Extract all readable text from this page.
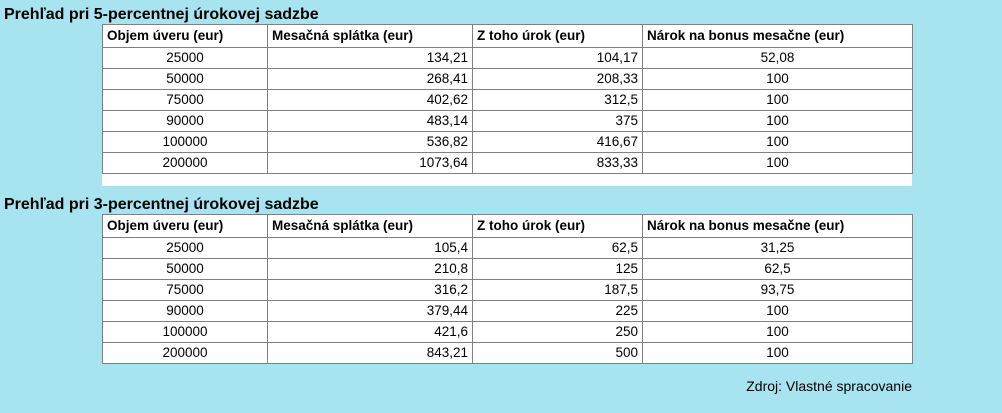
Prehľad pri 5-percentnej úrokovej sadzbe
Objem úveru (eur)	Mesačná splátka (eur)	Z toho úrok (eur)	Nárok na bonus mesačne (eur)
25000	134,21	104,17	52,08
50000	268,41	208,33	100
75000	402,62	312,5	100
90000	483,14	375	100
100000	536,82	416,67	100
200000	1073,64	833,33	100
Prehľad pri 3-percentnej úrokovej sadzbe
Objem úveru (eur)	Mesačná splátka (eur)	Z toho úrok (eur)	Nárok na bonus mesačne (eur)
25000	105,4	62,5	31,25
50000	210,8	125	62,5
75000	316,2	187,5	93,75
90000	379,44	225	100
100000	421,6	250	100
200000	843,21	500	100
Zdroj: Vlastné spracovanie
